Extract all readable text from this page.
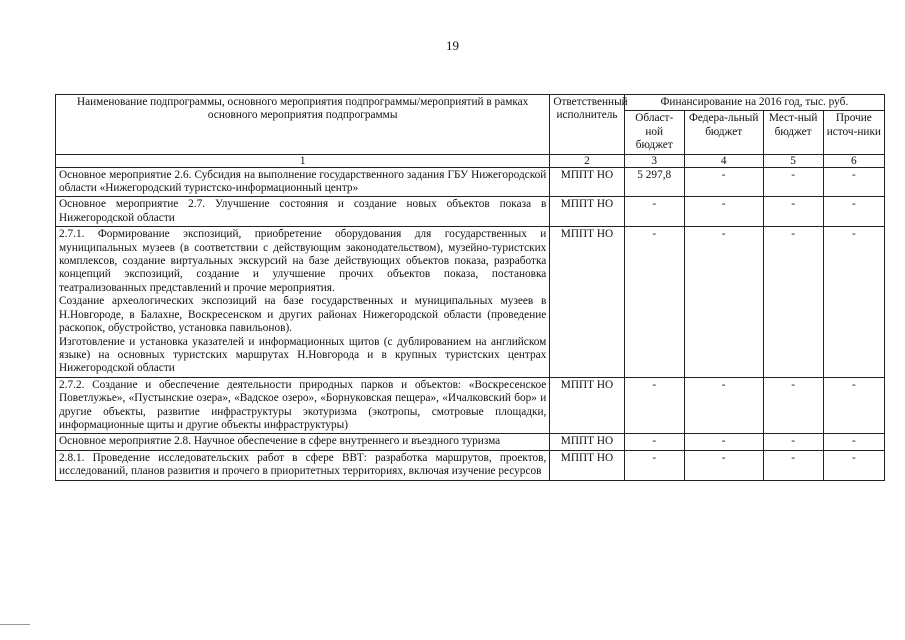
19
Наименование подпрограммы, основного мероприятия подпрограммы/мероприятий в рамках основного мероприятия подпрограммы	Ответственный исполнитель	Финансирование на 2016 год, тыс. руб.			
		Област-ной бюджет	Федера-льный бюджет	Мест-ный бюджет	Прочие источ-ники
1	2	3	4	5	6
Основное мероприятие 2.6. Субсидия на выполнение государственного задания ГБУ Нижегородской области «Нижегородский туристско-информационный центр»	МППТ НО	5 297,8	-	-	-
Основное мероприятие 2.7. Улучшение состояния и создание новых объектов показа в Нижегородской области	МППТ НО	-	-	-	-

2.7.1. Формирование экспозиций, приобретение оборудования для государственных и муниципальных музеев (в соответствии с действующим законодательством), музейно-туристских комплексов, создание виртуальных экскурсий на базе действующих объектов показа, разработка концепций экспозиций, создание и улучшение прочих объектов показа, постановка театрализованных представлений и прочие мероприятия.
Создание археологических экспозиций на базе государственных и муниципальных музеев в Н.Новгороде, в Балахне, Воскресенском и других районах Нижегородской области (проведение раскопок, обустройство, установка павильонов).
Изготовление и установка указателей и информационных щитов (с дублированием на английском языке) на основных туристских маршрутах Н.Новгорода и в крупных туристских центрах Нижегородской области	МППТ НО	-	-	-	-
2.7.2. Создание и обеспечение деятельности природных парков и объектов: «Воскресенское Поветлужье», «Пустынские озера», «Вадское озеро», «Борнуковская пещера», «Ичалковский бор» и другие объекты, развитие инфраструктуры экотуризма (экотропы, смотровые площадки, информационные щиты и другие объекты инфраструктуры)	МППТ НО	-	-	-	-
Основное мероприятие 2.8. Научное обеспечение в сфере внутреннего и въездного туризма	МППТ НО	-	-	-	-
2.8.1. Проведение исследовательских работ в сфере ВВТ: разработка маршрутов, проектов, исследований, планов развития и прочего в приоритетных территориях, включая изучение ресурсов	МППТ НО	-	-	-	-
